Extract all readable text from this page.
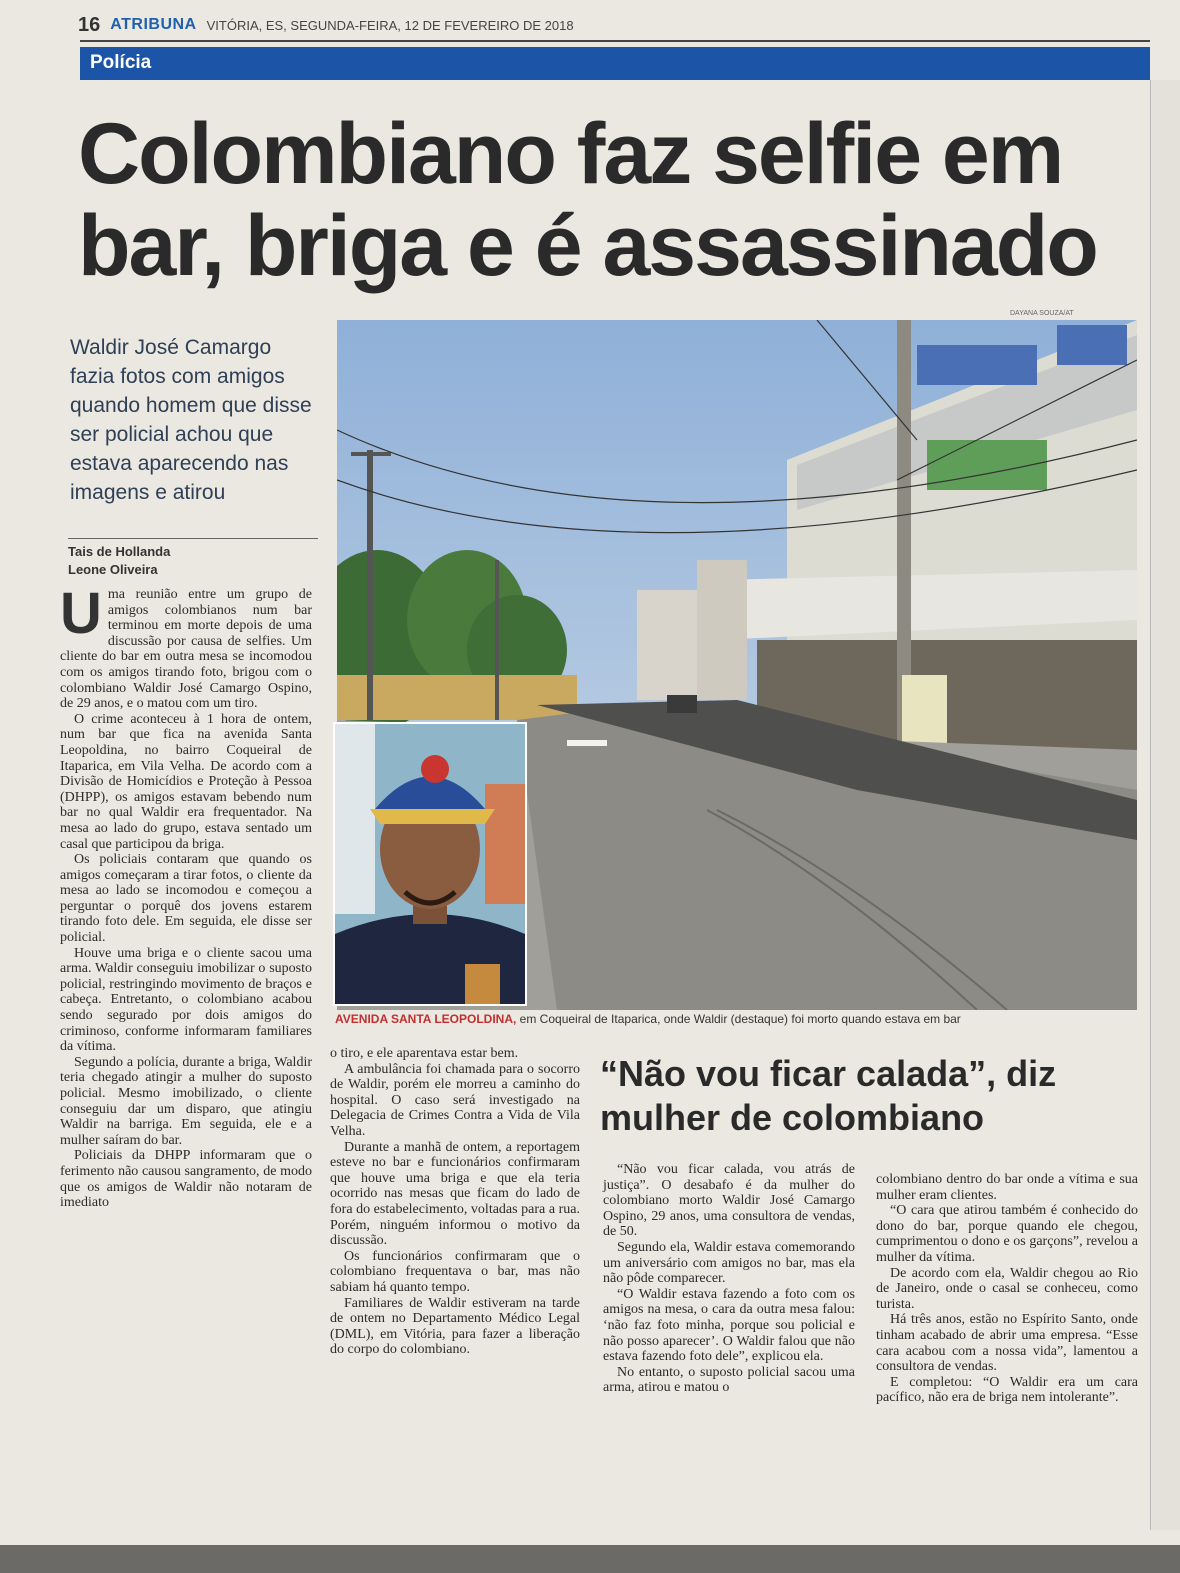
16 ATRIBUNA VITÓRIA, ES, SEGUNDA-FEIRA, 12 DE FEVEREIRO DE 2018
Polícia
Colombiano faz selfie em bar, briga e é assassinado
DAYANA SOUZA/AT

Waldir José Camargo fazia fotos com amigos quando homem que disse ser policial achou que estava aparecendo nas imagens e atirou

Tais de Hollanda
Leone Oliveira

Uma reunião entre um grupo de amigos colombianos num bar terminou em morte depois de uma discussão por causa de selfies. Um cliente do bar em outra mesa se incomodou com os amigos tirando foto, brigou com o colombiano Waldir José Camargo Ospino, de 29 anos, e o matou com um tiro.

O crime aconteceu à 1 hora de ontem, num bar que fica na avenida Santa Leopoldina, no bairro Coqueiral de Itaparica, em Vila Velha. De acordo com a Divisão de Homicídios e Proteção à Pessoa (DHPP), os amigos estavam bebendo num bar no qual Waldir era frequentador. Na mesa ao lado do grupo, estava sentado um casal que participou da briga.

Os policiais contaram que quando os amigos começaram a tirar fotos, o cliente da mesa ao lado se incomodou e começou a perguntar o porquê dos jovens estarem tirando foto dele. Em seguida, ele disse ser policial.

Houve uma briga e o cliente sacou uma arma. Waldir conseguiu imobilizar o suposto policial, restringindo movimento de braços e cabeça. Entretanto, o colombiano acabou sendo segurado por dois amigos do criminoso, conforme informaram familiares da vítima.

Segundo a polícia, durante a briga, Waldir teria chegado atingir a mulher do suposto policial. Mesmo imobilizado, o cliente conseguiu dar um disparo, que atingiu Waldir na barriga. Em seguida, ele e a mulher saíram do bar.

Policiais da DHPP informaram que o ferimento não causou sangramento, de modo que os amigos de Waldir não notaram de imediato

AVENIDA SANTA LEOPOLDINA, em Coqueiral de Itaparica, onde Waldir (destaque) foi morto quando estava em bar

o tiro, e ele aparentava estar bem.

A ambulância foi chamada para o socorro de Waldir, porém ele morreu a caminho do hospital. O caso será investigado na Delegacia de Crimes Contra a Vida de Vila Velha.

Durante a manhã de ontem, a reportagem esteve no bar e funcionários confirmaram que houve uma briga e que ela teria ocorrido nas mesas que ficam do lado de fora do estabelecimento, voltadas para a rua. Porém, ninguém informou o motivo da discussão.

Os funcionários confirmaram que o colombiano frequentava o bar, mas não sabiam há quanto tempo.

Familiares de Waldir estiveram na tarde de ontem no Departamento Médico Legal (DML), em Vitória, para fazer a liberação do corpo do colombiano.

“Não vou ficar calada”, diz mulher de colombiano

“Não vou ficar calada, vou atrás de justiça”. O desabafo é da mulher do colombiano morto Waldir José Camargo Ospino, 29 anos, uma consultora de vendas, de 50.

Segundo ela, Waldir estava comemorando um aniversário com amigos no bar, mas ela não pôde comparecer.

“O Waldir estava fazendo a foto com os amigos na mesa, o cara da outra mesa falou: ‘não faz foto minha, porque sou policial e não posso aparecer’. O Waldir falou que não estava fazendo foto dele”, explicou ela.

No entanto, o suposto policial sacou uma arma, atirou e matou o

colombiano dentro do bar onde a vítima e sua mulher eram clientes.

“O cara que atirou também é conhecido do dono do bar, porque quando ele chegou, cumprimentou o dono e os garçons”, revelou a mulher da vítima.

De acordo com ela, Waldir chegou ao Rio de Janeiro, onde o casal se conheceu, como turista.

Há três anos, estão no Espírito Santo, onde tinham acabado de abrir uma empresa. “Esse cara acabou com a nossa vida”, lamentou a consultora de vendas.

E completou: “O Waldir era um cara pacífico, não era de briga nem intolerante”.
